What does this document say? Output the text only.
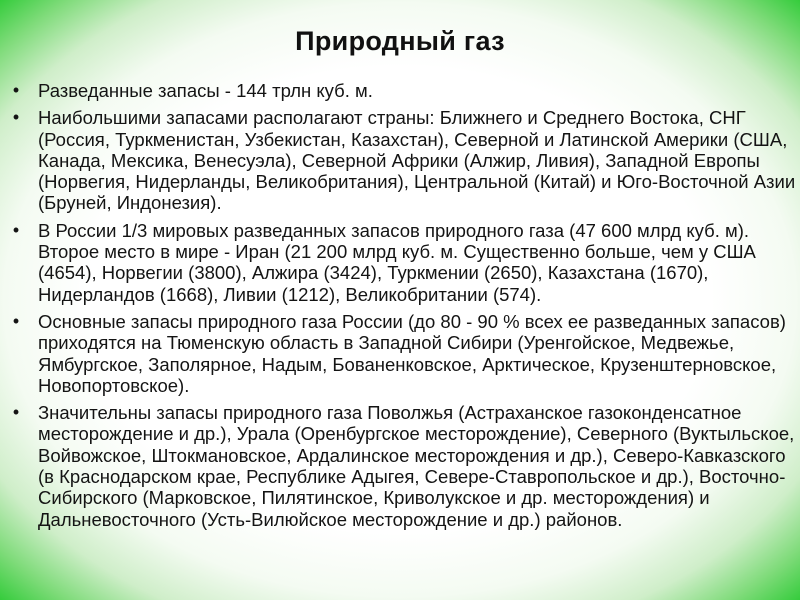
Природный газ
•	Разведанные запасы - 144 трлн куб. м.
•	Наибольшими запасами располагают страны: Ближнего и Среднего Востока, СНГ (Россия, Туркменистан, Узбекистан, Казахстан), Северной и Латинской Америки (США, Канада, Мексика, Венесуэла), Северной Африки (Алжир, Ливия), Западной Европы (Норвегия, Нидерланды, Великобритания), Центральной (Китай) и Юго-Восточной Азии (Бруней, Индонезия).
•	В России 1/3 мировых разведанных запасов природного газа (47 600 млрд куб. м). Второе место в мире - Иран (21 200 млрд куб. м. Существенно больше, чем у США (4654), Норвегии (3800), Алжира (3424), Туркмении (2650), Казахстана (1670), Нидерландов (1668), Ливии (1212), Великобритании (574).
•	Основные запасы природного газа России (до 80 - 90 % всех ее разведанных запасов) приходятся на Тюменскую область в Западной Сибири (Уренгойское, Медвежье, Ямбургское, Заполярное, Надым, Бованенковское, Арктическое, Крузенштерновское, Новопортовское).
•	Значительны запасы природного газа Поволжья (Астраханское газоконденсатное месторождение и др.), Урала (Оренбургское месторождение), Северного (Вуктыльское, Войвожское, Штокмановское, Ардалинское месторождения и др.), Северо-Кавказского (в Краснодарском крае, Республике Адыгея, Севере-Ставропольское и др.), Восточно-Сибирского (Марковское, Пилятинское, Криволукское и др. месторождения) и Дальневосточного (Усть-Вилюйское месторождение и др.) районов.
